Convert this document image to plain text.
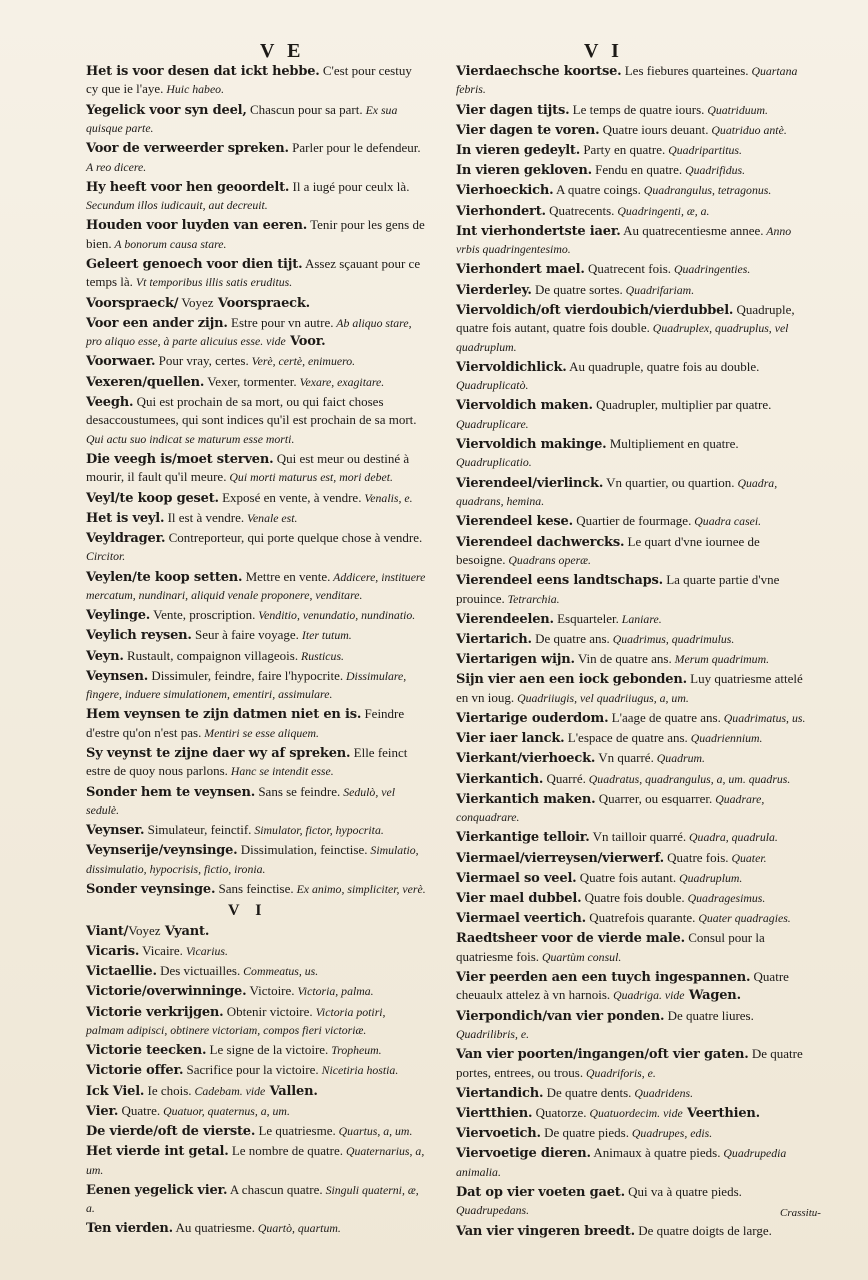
V E	V I
Het is voor desen dat ickt hebbe. C'est pour cestuy cy que ie l'aye. Huic habeo.
Yegelick voor syn deel, Chascun pour sa part. Ex sua quisque parte.
Voor de verweerder spreken. Parler pour le defendeur. A reo dicere.
Hy heeft voor hen geoordelt. Il a iugé pour ceulx là. Secundum illos iudicauit, aut decreuit.
Houden voor luyden van eeren. Tenir pour les gens de bien. A bonorum causa stare.
Geleert genoech voor dien tijt. Assez sçauant pour ce temps là. Vt temporibus illis satis eruditus.
Voorspraeck/ Voyez Voorspraeck.
Voor een ander zijn. Estre pour vn autre. Ab aliquo stare, pro aliquo esse, à parte alicuius esse. vide Voor.
Voorwaer. Pour vray, certes. Verè, certè, enimuero.
Vexeren/quellen. Vexer, tormenter. Vexare, exagitare.
Veegh. Qui est prochain de sa mort, ou qui faict choses desaccoustumees, qui sont indices qu'il est prochain de sa mort. Qui actu suo indicat se maturum esse morti.
Die veegh is/moet sterven. Qui est meur ou destiné à mourir, il fault qu'il meure. Qui morti maturus est, mori debet.
Veyl/te koop geset. Exposé en vente, à vendre. Venalis, e.
Het is veyl. Il est à vendre. Venale est.
Veyldrager. Contreporteur, qui porte quelque chose à vendre. Circitor.
Veylen/te koop setten. Mettre en vente. Addicere, instituere mercatum, nundinari, aliquid venale proponere, venditare.
Veylinge. Vente, proscription. Venditio, venundatio, nundinatio.
Veylich reysen. Seur à faire voyage. Iter tutum.
Veyn. Rustault, compaignon villageois. Rusticus.
Veynsen. Dissimuler, feindre, faire l'hypocrite. Dissimulare, fingere, induere simulationem, ementiri, assimulare.
Hem veynsen te zijn datmen niet en is. Feindre d'estre qu'on n'est pas. Mentiri se esse aliquem.
Sy veynst te zijne daer wy af spreken. Elle feinct estre de quoy nous parlons. Hanc se intendit esse.
Sonder hem te veynsen. Sans se feindre. Sedulò, vel sedulè.
Veynser. Simulateur, feinctif. Simulator, fictor, hypocrita.
Veynserije/veynsinge. Dissimulation, feinctise. Simulatio, dissimulatio, hypocrisis, fictio, ironia.
Sonder veynsinge. Sans feinctise. Ex animo, simpliciter, verè.
V I
Viant/Voyez Vyant.
Vicaris. Vicaire. Vicarius.
Victaellie. Des victuailles. Commeatus, us.
Victorie/overwinninge. Victoire. Victoria, palma.
Victorie verkrijgen. Obtenir victoire. Victoria potiri, palmam adipisci, obtinere victoriam, compos fieri victoriæ.
Victorie teecken. Le signe de la victoire. Tropheum.
Victorie offer. Sacrifice pour la victoire. Nicetiria hostia.
Ick Viel. Ie chois. Cadebam. vide Vallen.
Vier. Quatre. Quatuor, quaternus, a, um.
De vierde/oft de vierste. Le quatriesme. Quartus, a, um.
Het vierde int getal. Le nombre de quatre. Quaternarius, a, um.
Eenen yegelick vier. A chascun quatre. Singuli quaterni, æ, a.
Ten vierden. Au quatriesme. Quartò, quartum.
Vierdaechsche koortse. Les fiebures quarteines. Quartana febris.
Vier dagen tijts. Le temps de quatre iours. Quatriduum.
Vier dagen te voren. Quatre iours deuant. Quatriduo antè.
In vieren gedeylt. Party en quatre. Quadripartitus.
In vieren gekloven. Fendu en quatre. Quadrifidus.
Vierhoeckich. A quatre coings. Quadrangulus, tetragonus.
Vierhondert. Quatrecents. Quadringenti, æ, a.
Int vierhondertste iaer. Au quatrecentiesme annee. Anno vrbis quadringentesimo.
Vierhondert mael. Quatrecent fois. Quadringenties.
Vierderley. De quatre sortes. Quadrifariam.
Viervoldich/oft vierdoubich/vierdubbel. Quadruple, quatre fois autant, quatre fois double. Quadruplex, quadruplus, vel quadruplum.
Viervoldichlick. Au quadruple, quatre fois au double. Quadruplicatò.
Viervoldich maken. Quadrupler, multiplier par quatre. Quadruplicare.
Viervoldich makinge. Multipliement en quatre. Quadruplicatio.
Vierendeel/vierlinck. Vn quartier, ou quartion. Quadra, quadrans, hemina.
Vierendeel kese. Quartier de fourmage. Quadra casei.
Vierendeel dachwercks. Le quart d'vne iournee de besoigne. Quadrans operæ.
Vierendeel eens landtschaps. La quarte partie d'vne prouince. Tetrarchia.
Vierendeelen. Esquarteler. Laniare.
Viertarich. De quatre ans. Quadrimus, quadrimulus.
Viertarigen wijn. Vin de quatre ans. Merum quadrimum.
Sijn vier aen een iock gebonden. Luy quatriesme attelé en vn ioug. Quadriiugis, vel quadriiugus, a, um.
Viertarige ouderdom. L'aage de quatre ans. Quadrimatus, us.
Vier iaer lanck. L'espace de quatre ans. Quadriennium.
Vierkant/vierhoeck. Vn quarré. Quadrum.
Vierkantich. Quarré. Quadratus, quadrangulus, a, um. quadrus.
Vierkantich maken. Quarrer, ou esquarrer. Quadrare, conquadrare.
Vierkantige telloir. Vn tailloir quarré. Quadra, quadrula.
Viermael/vierreysen/vierwerf. Quatre fois. Quater.
Viermael so veel. Quatre fois autant. Quadruplum.
Vier mael dubbel. Quatre fois double. Quadragesimus.
Viermael veertich. Quatrefois quarante. Quater quadragies.
Raedtsheer voor de vierde male. Consul pour la quatriesme fois. Quartùm consul.
Vier peerden aen een tuych ingespannen. Quatre cheuaulx attelez à vn harnois. Quadriga. vide Wagen.
Vierpondich/van vier ponden. De quatre liures. Quadrilibris, e.
Van vier poorten/ingangen/oft vier gaten. De quatre portes, entrees, ou trous. Quadriforis, e.
Viertandich. De quatre dents. Quadridens.
Viertthien. Quatorze. Quatuordecim. vide Veerthien.
Viervoetich. De quatre pieds. Quadrupes, edis.
Viervoetige dieren. Animaux à quatre pieds. Quadrupedia animalia.
Dat op vier voeten gaet. Qui va à quatre pieds. Quadrupedans.
Van vier vingeren breedt. De quatre doigts de large.
Crassitu-
